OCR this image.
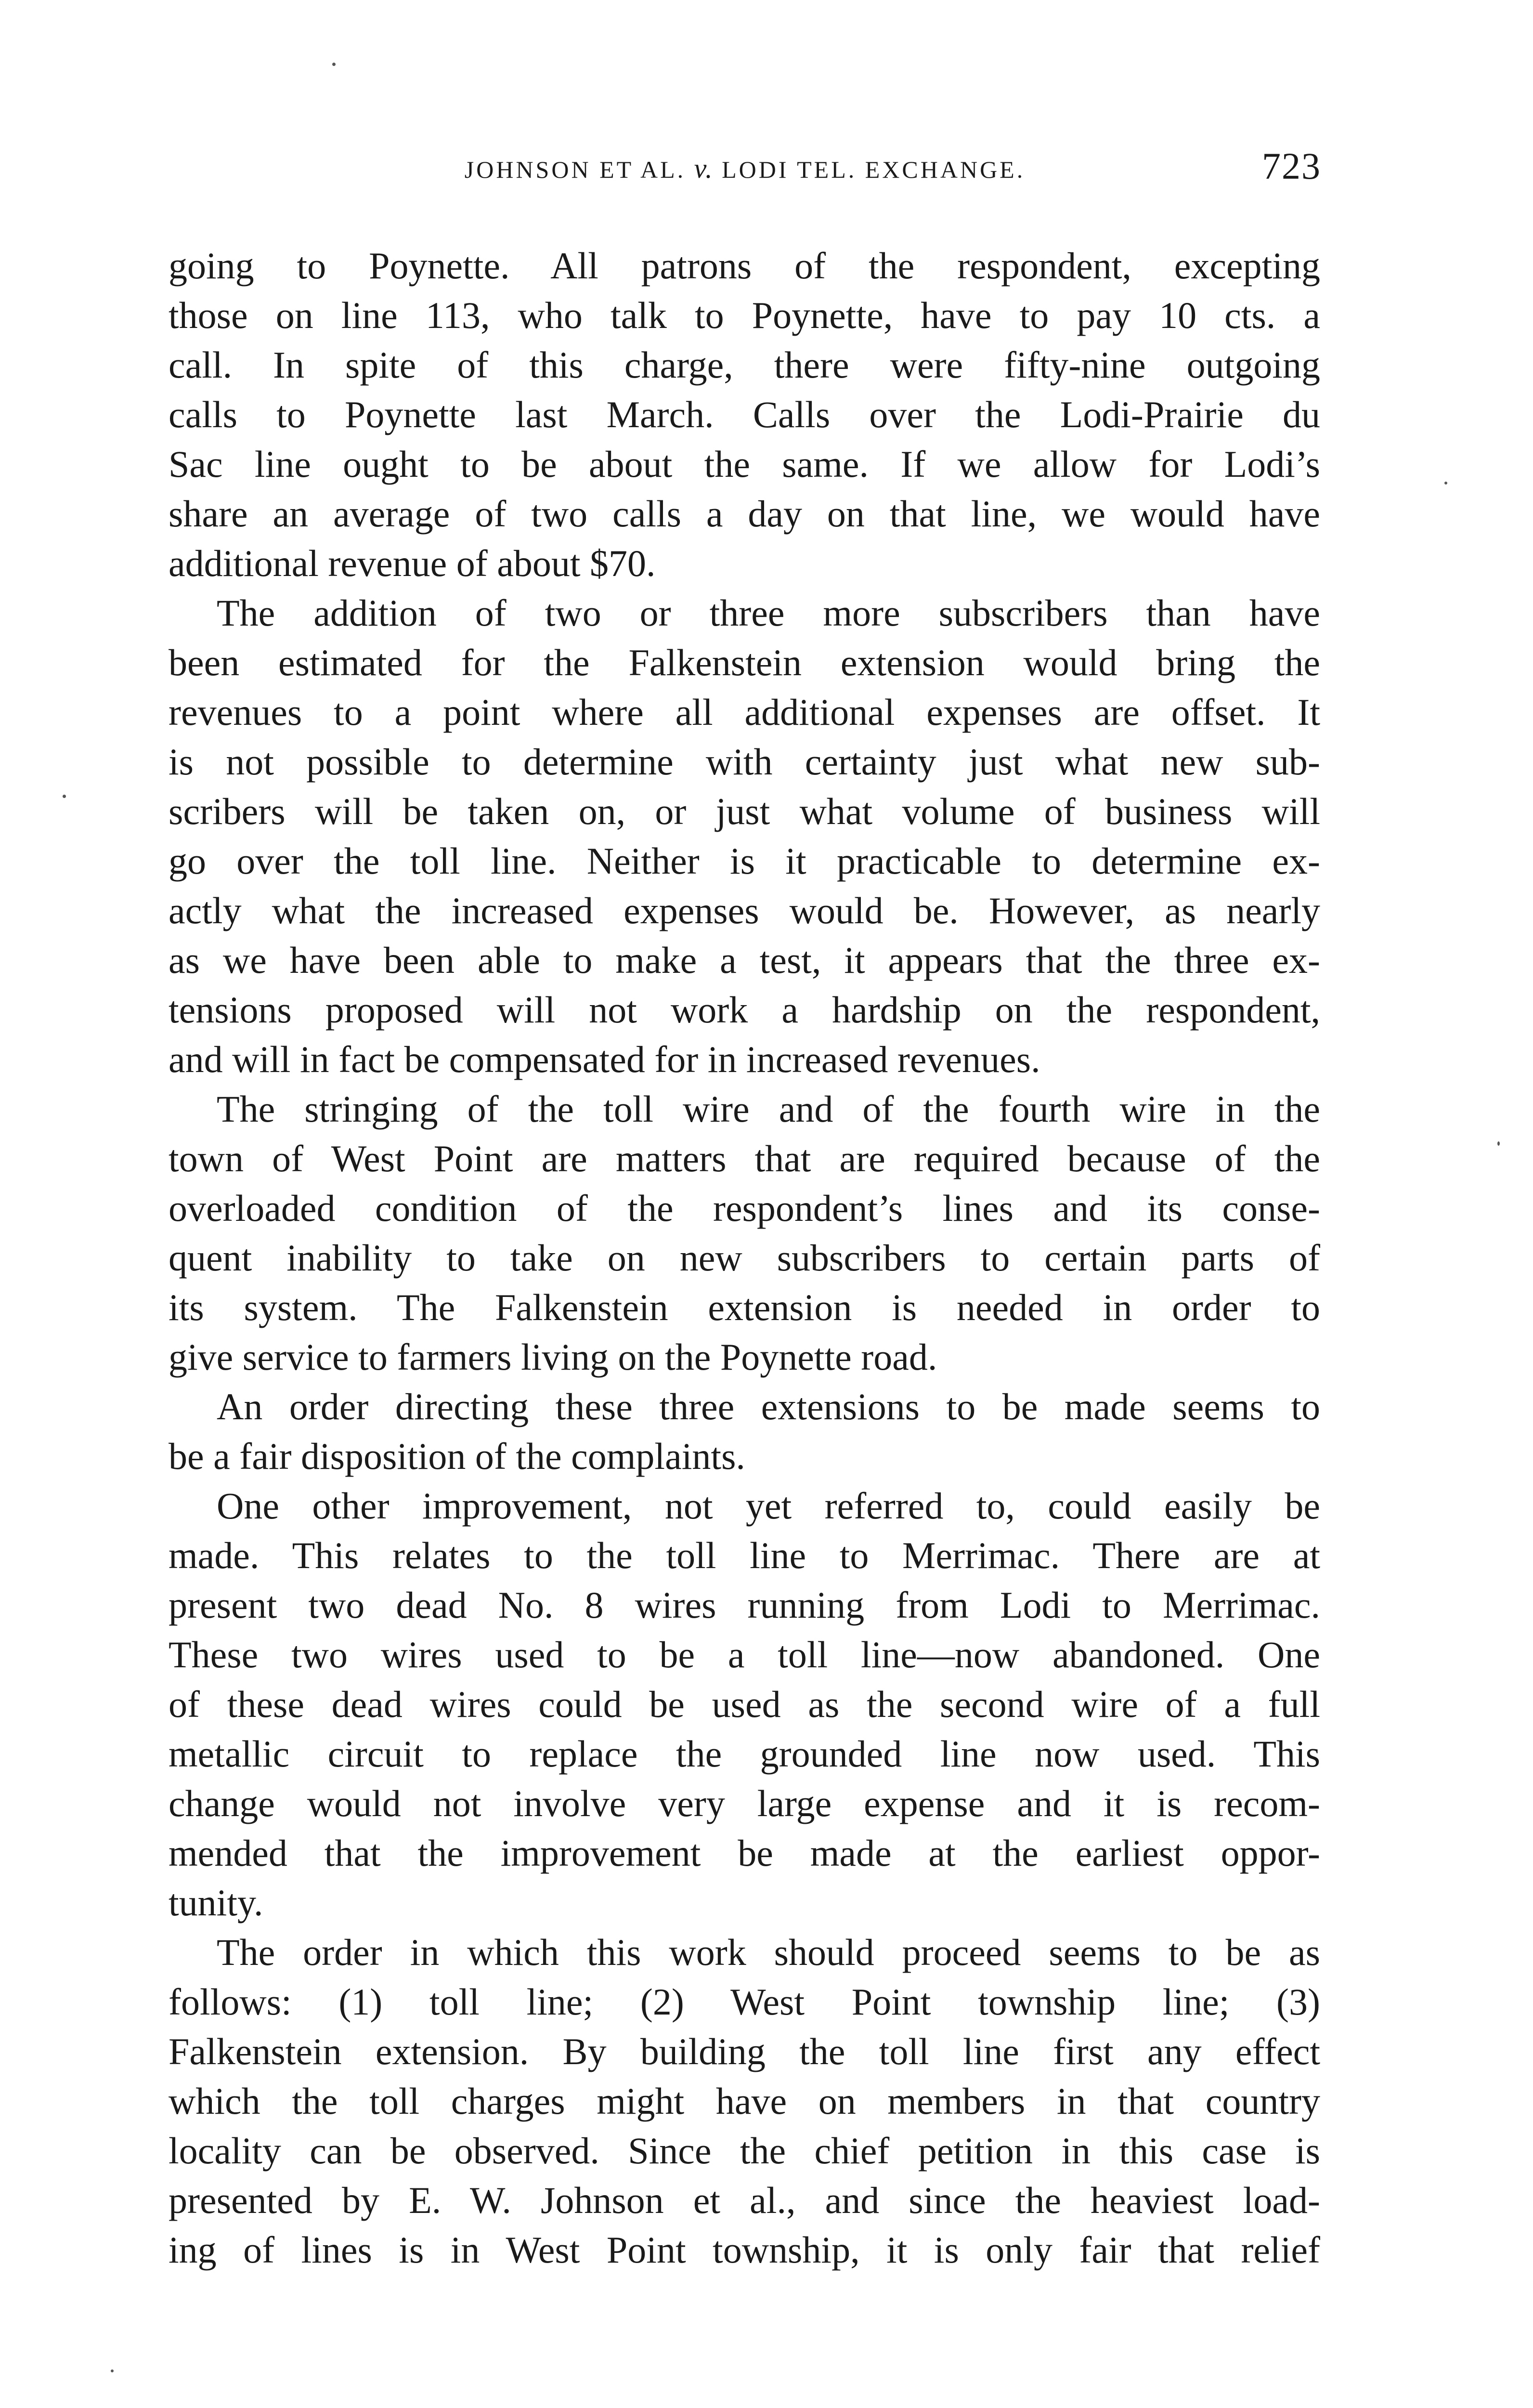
JOHNSON ET AL. v. LODI TEL. EXCHANGE.	723
going to Poynette. All patrons of the respondent, excepting
those on line 113, who talk to Poynette, have to pay 10 cts. a
call. In spite of this charge, there were fifty-nine outgoing
calls to Poynette last March. Calls over the Lodi-Prairie du
Sac line ought to be about the same. If we allow for Lodi’s
share an average of two calls a day on that line, we would have
additional revenue of about $70.
The addition of two or three more subscribers than have
been estimated for the Falkenstein extension would bring the
revenues to a point where all additional expenses are offset. It
is not possible to determine with certainty just what new sub-
scribers will be taken on, or just what volume of business will
go over the toll line. Neither is it practicable to determine ex-
actly what the increased expenses would be. However, as nearly
as we have been able to make a test, it appears that the three ex-
tensions proposed will not work a hardship on the respondent,
and will in fact be compensated for in increased revenues.
The stringing of the toll wire and of the fourth wire in the
town of West Point are matters that are required because of the
overloaded condition of the respondent’s lines and its conse-
quent inability to take on new subscribers to certain parts of
its system. The Falkenstein extension is needed in order to
give service to farmers living on the Poynette road.
An order directing these three extensions to be made seems to
be a fair disposition of the complaints.
One other improvement, not yet referred to, could easily be
made. This relates to the toll line to Merrimac. There are at
present two dead No. 8 wires running from Lodi to Merrimac.
These two wires used to be a toll line—now abandoned. One
of these dead wires could be used as the second wire of a full
metallic circuit to replace the grounded line now used. This
change would not involve very large expense and it is recom-
mended that the improvement be made at the earliest oppor-
tunity.
The order in which this work should proceed seems to be as
follows: (1) toll line; (2) West Point township line; (3)
Falkenstein extension. By building the toll line first any effect
which the toll charges might have on members in that country
locality can be observed. Since the chief petition in this case is
presented by E. W. Johnson et al., and since the heaviest load-
ing of lines is in West Point township, it is only fair that relief
